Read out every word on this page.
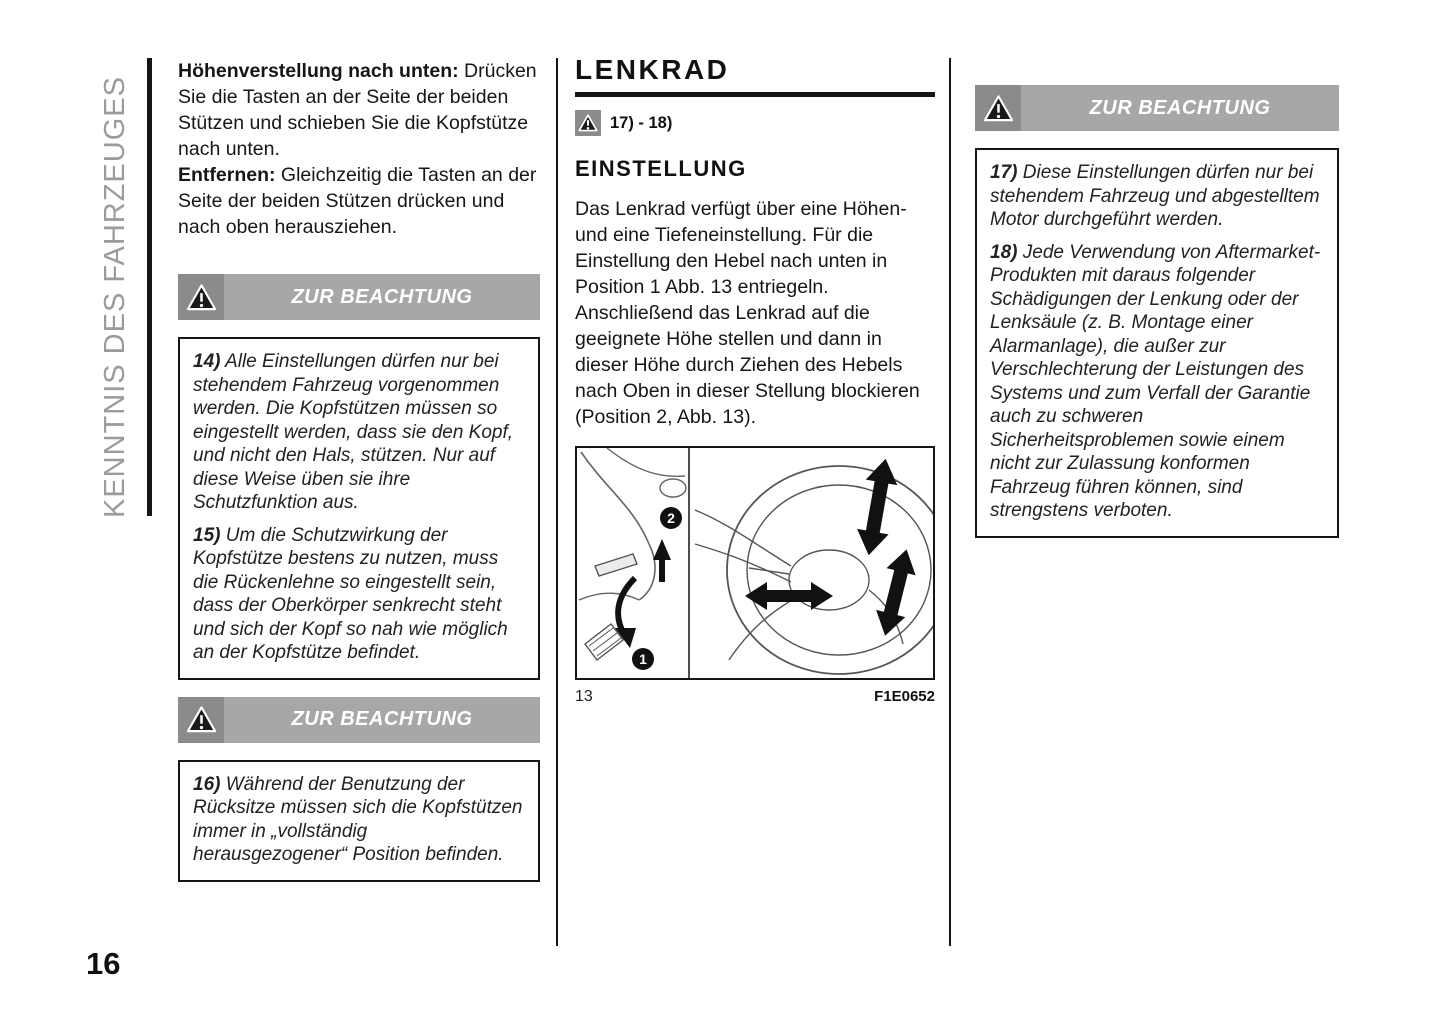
KENNTNIS DES FAHRZEUGES
16

Höhenverstellung nach unten: Drücken Sie die Tasten an der Seite der beiden Stützen und schieben Sie die Kopfstütze nach unten.

Entfernen: Gleichzeitig die Tasten an der Seite der beiden Stützen drücken und nach oben herausziehen.

ZUR BEACHTUNG

14) Alle Einstellungen dürfen nur bei stehendem Fahrzeug vorgenommen werden. Die Kopfstützen müssen so eingestellt werden, dass sie den Kopf, und nicht den Hals, stützen. Nur auf diese Weise üben sie ihre Schutzfunktion aus.

15) Um die Schutzwirkung der Kopfstütze bestens zu nutzen, muss die Rückenlehne so eingestellt sein, dass der Oberkörper senkrecht steht und sich der Kopf so nah wie möglich an der Kopfstütze befindet.

ZUR BEACHTUNG

16) Während der Benutzung der Rücksitze müssen sich die Kopfstützen immer in „vollständig herausgezogener“ Position befinden.

LENKRAD
17) - 18)
EINSTELLUNG

Das Lenkrad verfügt über eine Höhen- und eine Tiefeneinstellung. Für die Einstellung den Hebel nach unten in Position 1 Abb. 13 entriegeln. Anschließend das Lenkrad auf die geeignete Höhe stellen und dann in dieser Höhe durch Ziehen des Hebels nach Oben in dieser Stellung blockieren (Position 2, Abb. 13).

1
2
13	F1E0652
ZUR BEACHTUNG

17) Diese Einstellungen dürfen nur bei stehendem Fahrzeug und abgestelltem Motor durchgeführt werden.

18) Jede Verwendung von Aftermarket-Produkten mit daraus folgender Schädigungen der Lenkung oder der Lenksäule (z. B. Montage einer Alarmanlage), die außer zur Verschlechterung der Leistungen des Systems und zum Verfall der Garantie auch zu schweren Sicherheitsproblemen sowie einem nicht zur Zulassung konformen Fahrzeug führen können, sind strengstens verboten.
